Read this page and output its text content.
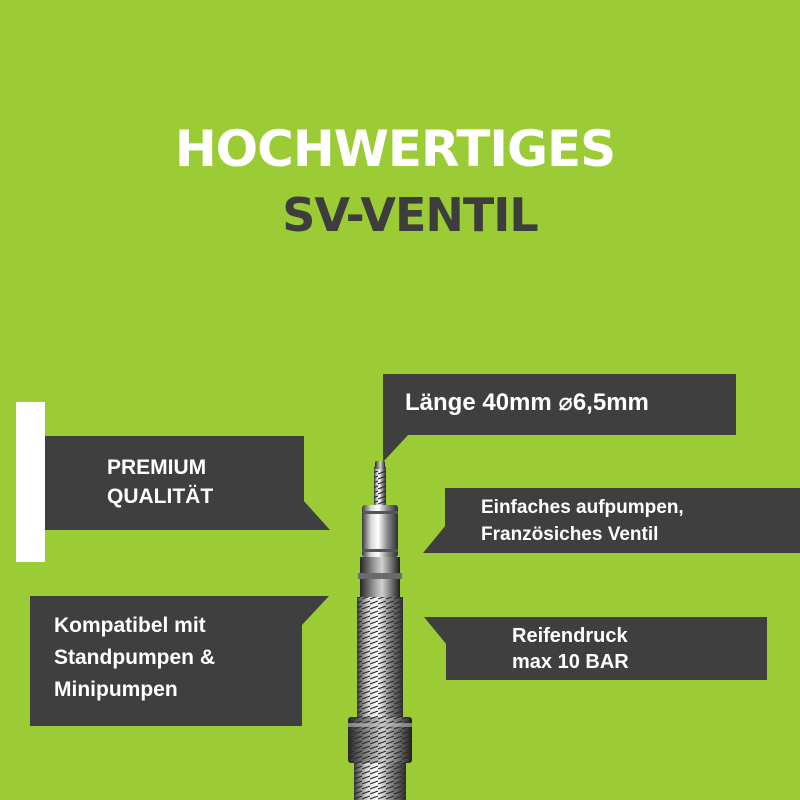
HOCHWERTIGES
SV-VENTIL
Länge 40mm ⌀6,5mm
PREMIUM
QUALITÄT	Einfaches aufpumpen,
Französiches Ventil
Kompatibel mit
Standpumpen &
Minipumpen
Reifendruck
max 10 BAR
